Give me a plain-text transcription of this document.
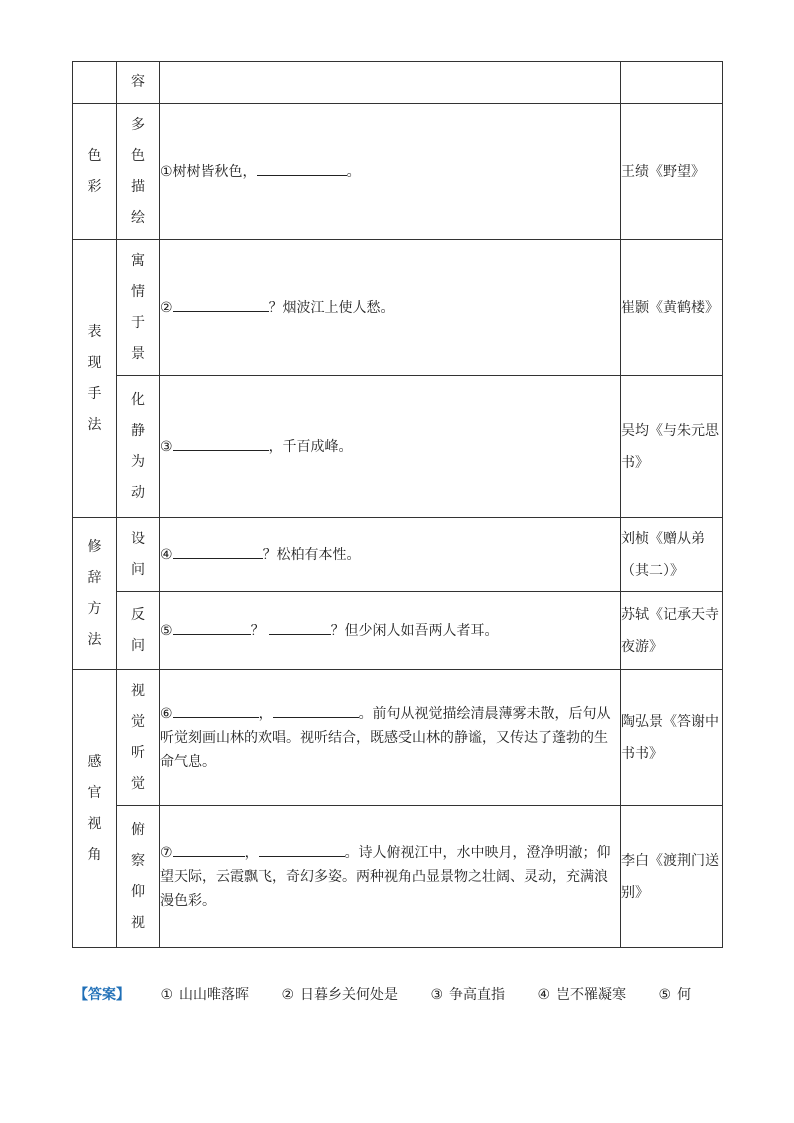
	容		

色彩	多色描绘	①树树皆秋色， 。	王绩《野望》

表现手法	寓情于景	② ？烟波江上使人愁。	崔颢《黄鹤楼》

	化静为动	③ ，千百成峰。	吴均《与朱元思书》

修辞方法	设问	④ ？松柏有本性。	刘桢《赠从弟（其二）》

	反问	⑤ ？ ？但少闲人如吾两人者耳。	苏轼《记承天寺夜游》

感官视角	视觉听觉	⑥ ， 。前句从视觉描绘清晨薄雾未散，后句从听觉刻画山林的欢唱。视听结合，既感受山林的静谧，又传达了蓬勃的生命气息。	陶弘景《答谢中书书》

	俯察仰视	⑦ ， 。诗人俯视江中，水中映月，澄净明澈；仰望天际，云霞飘飞，奇幻多姿。两种视角凸显景物之壮阔、灵动，充满浪漫色彩。	李白《渡荆门送别》
【答案】 ① 山山唯落晖 ② 日暮乡关何处是 ③ 争高直指 ④ 岂不罹凝寒 ⑤ 何
